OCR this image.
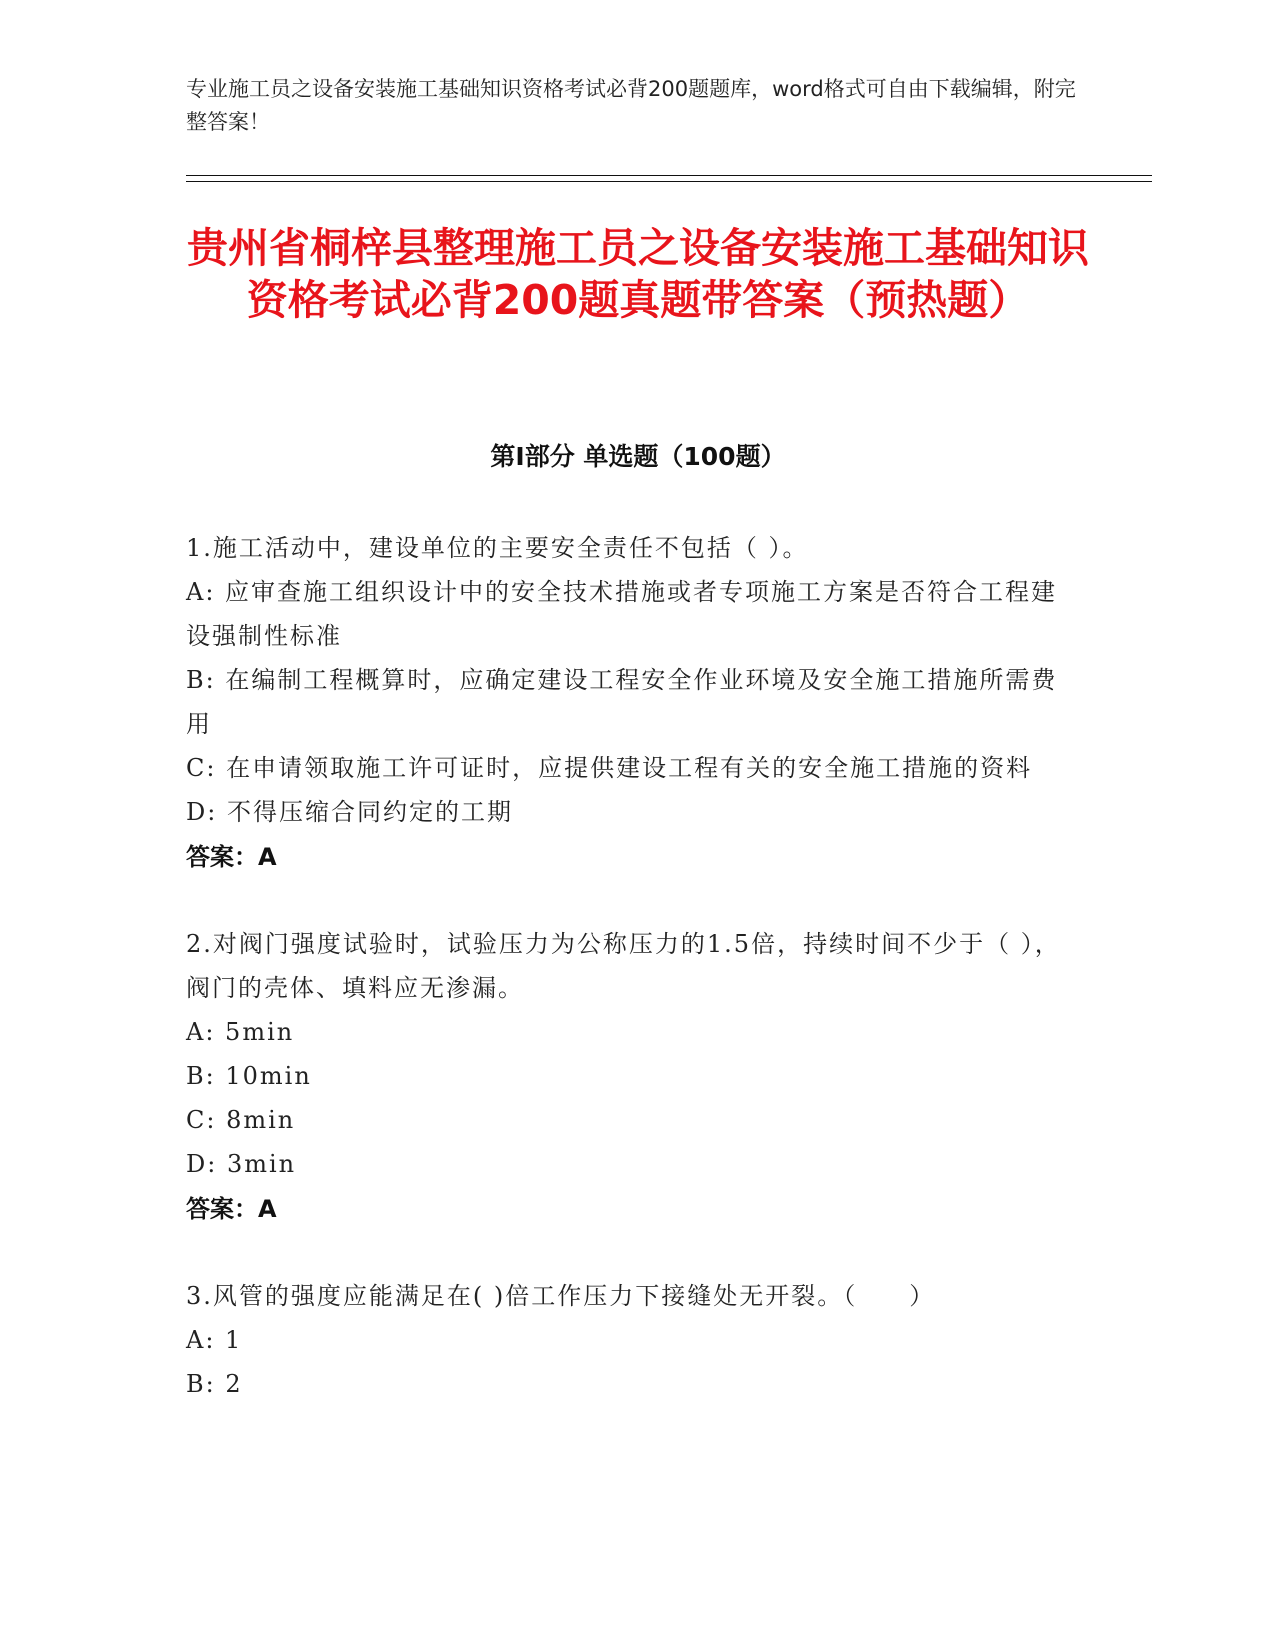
专业施工员之设备安装施工基础知识资格考试必背200题题库，word格式可自由下载编辑，附完整答案！
贵州省桐梓县整理施工员之设备安装施工基础知识资格考试必背200题真题带答案（预热题）
第Ⅰ部分 单选题（100题）
1.施工活动中，建设单位的主要安全责任不包括（ ）。
A: 应审查施工组织设计中的安全技术措施或者专项施工方案是否符合工程建设强制性标准
B: 在编制工程概算时，应确定建设工程安全作业环境及安全施工措施所需费用
C: 在申请领取施工许可证时，应提供建设工程有关的安全施工措施的资料
D: 不得压缩合同约定的工期
答案：A
2.对阀门强度试验时，试验压力为公称压力的1.5倍，持续时间不少于（ ），阀门的壳体、填料应无渗漏。
A: 5min
B: 10min
C: 8min
D: 3min
答案：A
3.风管的强度应能满足在( )倍工作压力下接缝处无开裂。（　　）
A: 1
B: 2
